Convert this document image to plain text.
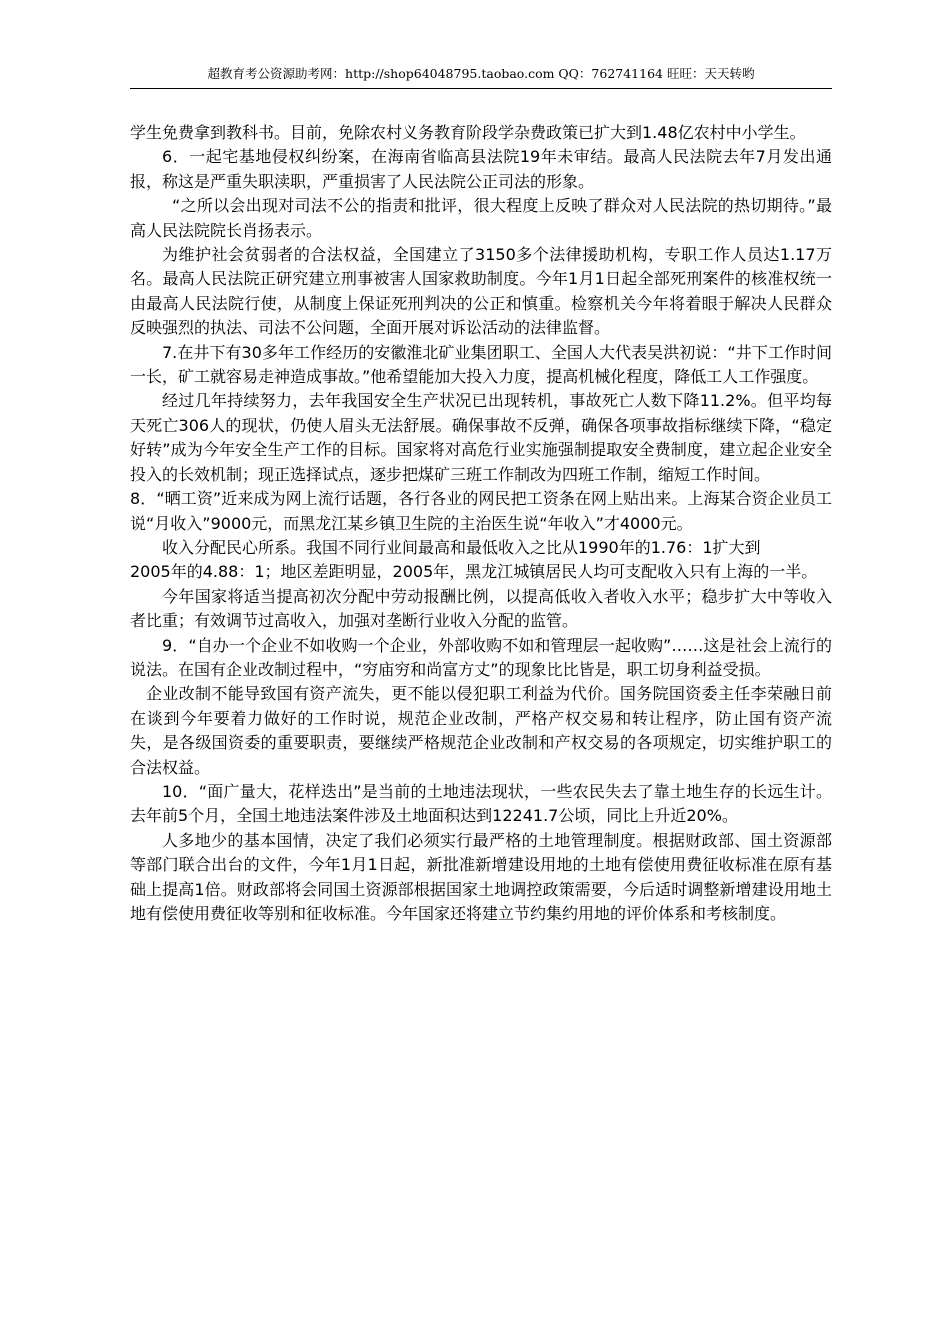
超教育考公资源助考网：http://shop64048795.taobao.com QQ：762741164 旺旺：天天转哟

学生免费拿到教科书。目前，免除农村义务教育阶段学杂费政策已扩大到1.48亿农村中小学生。

6．一起宅基地侵权纠纷案，在海南省临高县法院19年未审结。最高人民法院去年7月发出通报，称这是严重失职渎职，严重损害了人民法院公正司法的形象。

“之所以会出现对司法不公的指责和批评，很大程度上反映了群众对人民法院的热切期待。”最高人民法院院长肖扬表示。

为维护社会贫弱者的合法权益，全国建立了3150多个法律援助机构，专职工作人员达1.17万名。最高人民法院正研究建立刑事被害人国家救助制度。今年1月1日起全部死刑案件的核准权统一由最高人民法院行使，从制度上保证死刑判决的公正和慎重。检察机关今年将着眼于解决人民群众反映强烈的执法、司法不公问题，全面开展对诉讼活动的法律监督。

7.在井下有30多年工作经历的安徽淮北矿业集团职工、全国人大代表吴洪初说：“井下工作时间一长，矿工就容易走神造成事故。”他希望能加大投入力度，提高机械化程度，降低工人工作强度。

经过几年持续努力，去年我国安全生产状况已出现转机，事故死亡人数下降11.2%。但平均每天死亡306人的现状，仍使人眉头无法舒展。确保事故不反弹，确保各项事故指标继续下降，“稳定好转”成为今年安全生产工作的目标。国家将对高危行业实施强制提取安全费制度，建立起企业安全投入的长效机制；现正选择试点，逐步把煤矿三班工作制改为四班工作制，缩短工作时间。

8．“晒工资”近来成为网上流行话题，各行各业的网民把工资条在网上贴出来。上海某合资企业员工说“月收入”9000元，而黑龙江某乡镇卫生院的主治医生说“年收入”才4000元。

收入分配民心所系。我国不同行业间最高和最低收入之比从1990年的1.76：1扩大到

2005年的4.88：1；地区差距明显，2005年，黑龙江城镇居民人均可支配收入只有上海的一半。

今年国家将适当提高初次分配中劳动报酬比例，以提高低收入者收入水平；稳步扩大中等收入者比重；有效调节过高收入，加强对垄断行业收入分配的监管。

9．“自办一个企业不如收购一个企业，外部收购不如和管理层一起收购”……这是社会上流行的说法。在国有企业改制过程中，“穷庙穷和尚富方丈”的现象比比皆是，职工切身利益受损。

企业改制不能导致国有资产流失，更不能以侵犯职工利益为代价。国务院国资委主任李荣融日前在谈到今年要着力做好的工作时说，规范企业改制，严格产权交易和转让程序，防止国有资产流失，是各级国资委的重要职责，要继续严格规范企业改制和产权交易的各项规定，切实维护职工的合法权益。

10．“面广量大，花样迭出”是当前的土地违法现状，一些农民失去了靠土地生存的长远生计。去年前5个月，全国土地违法案件涉及土地面积达到12241.7公顷，同比上升近20%。

人多地少的基本国情，决定了我们必须实行最严格的土地管理制度。根据财政部、国土资源部等部门联合出台的文件，今年1月1日起，新批准新增建设用地的土地有偿使用费征收标准在原有基础上提高1倍。财政部将会同国土资源部根据国家土地调控政策需要，今后适时调整新增建设用地土地有偿使用费征收等别和征收标准。今年国家还将建立节约集约用地的评价体系和考核制度。
